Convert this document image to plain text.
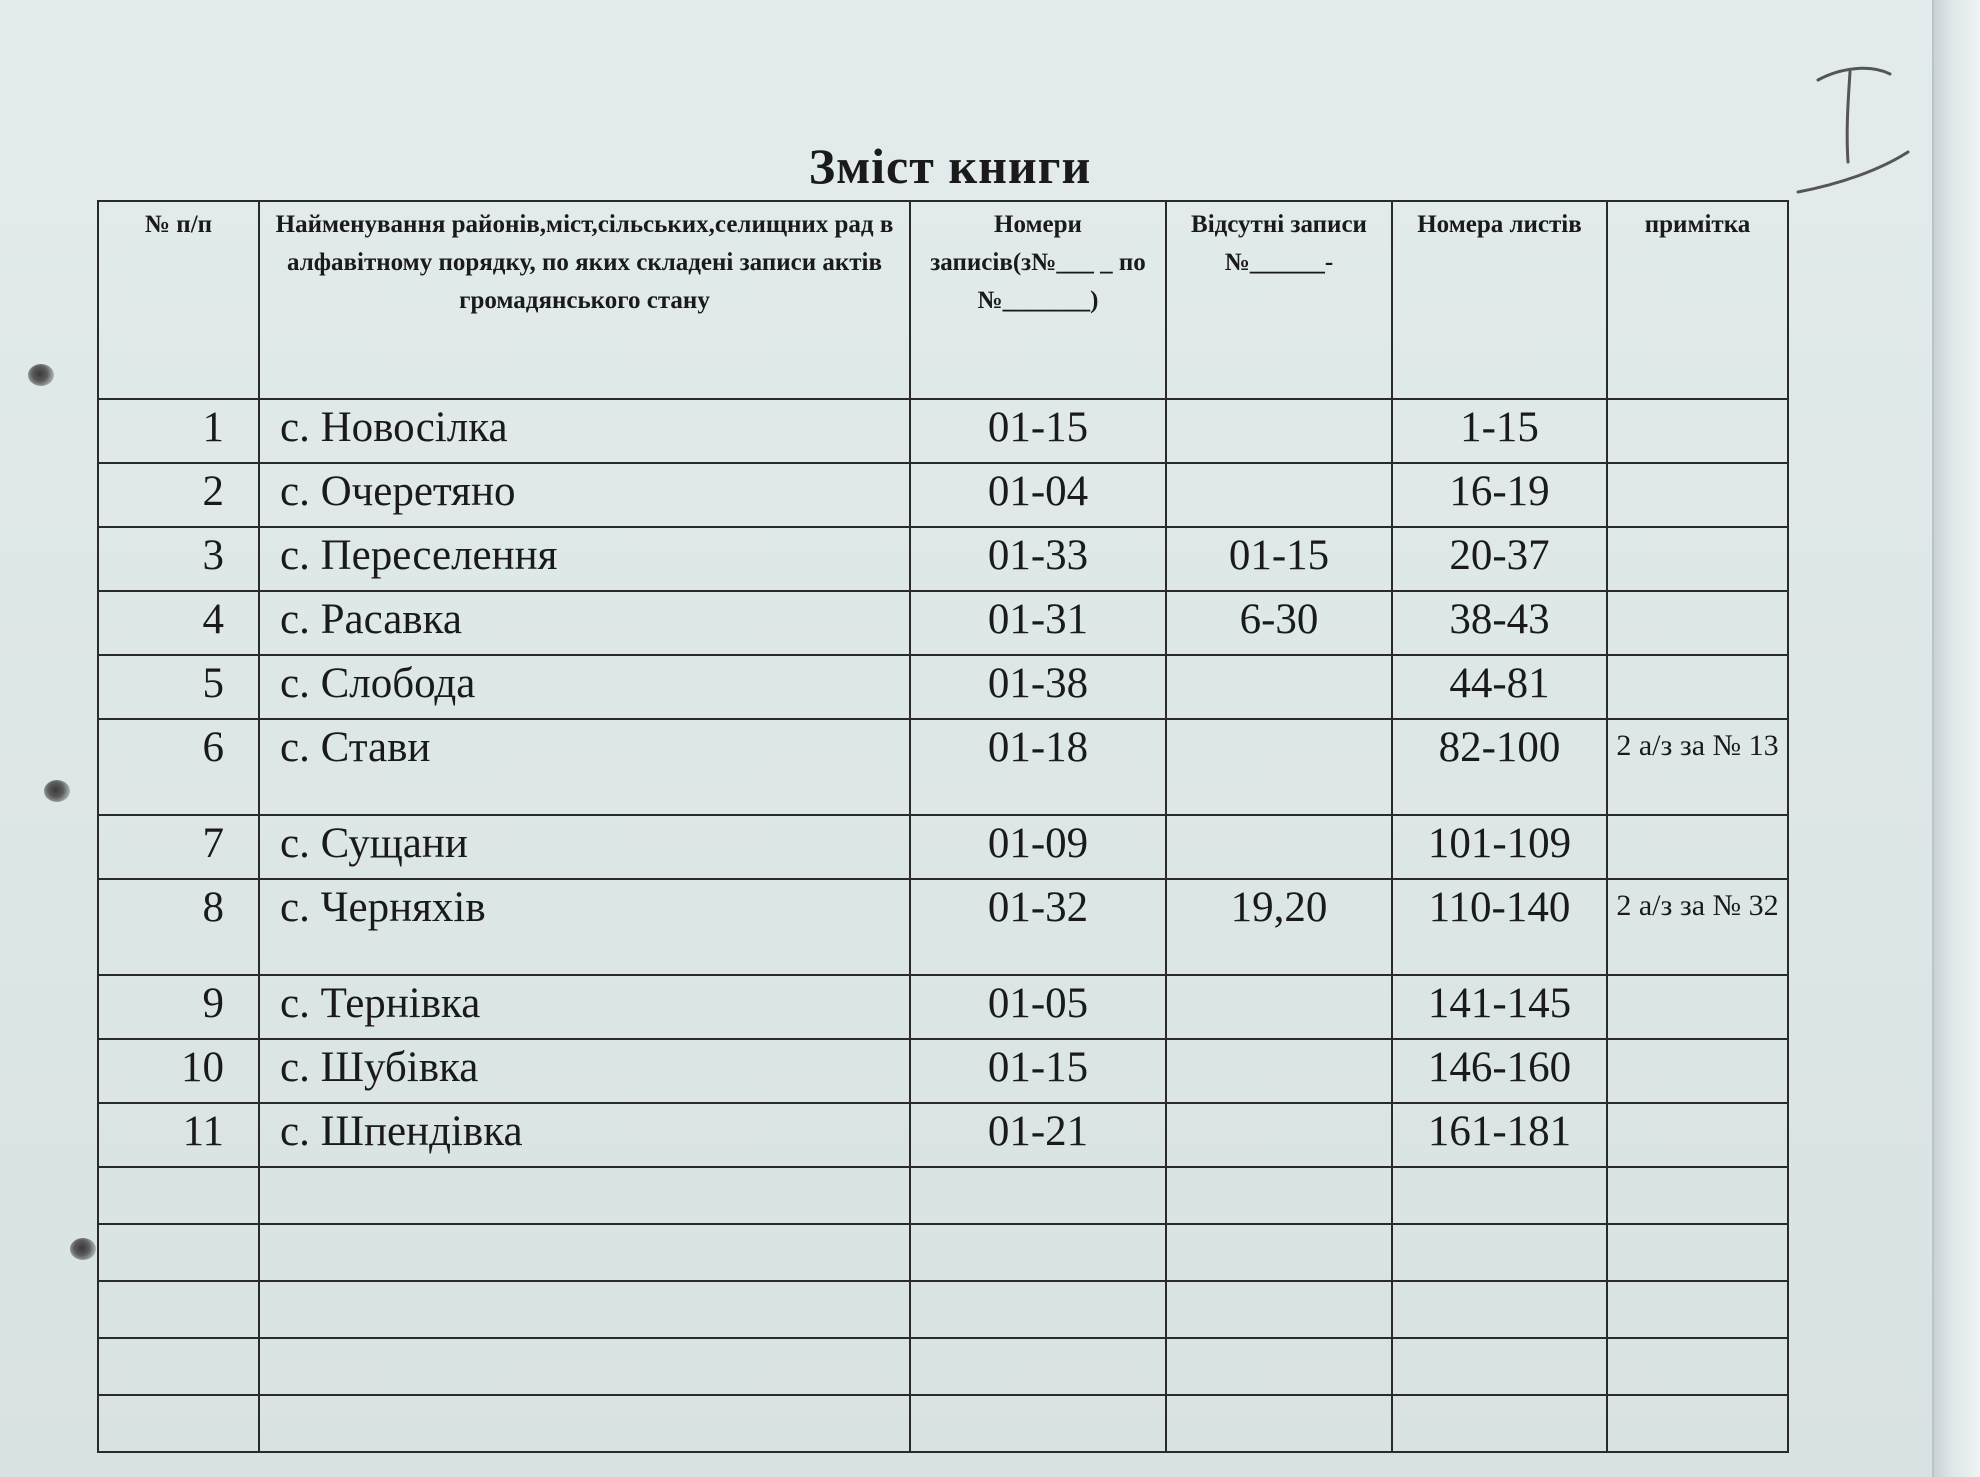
Зміст книги
№ п/п	Найменування районів,міст,сільських,селищних рад в алфавітному порядку, по яких складені записи актів громадянського стану	Номери записів(з№___ _ по №_______)	Відсутні записи №______-	Номера листів	примітка
1	с. Новосілка	01-15		1-15	
2	с. Очеретяно	01-04		16-19	
3	с. Переселення	01-33	01-15	20-37	
4	с. Расавка	01-31	6-30	38-43	
5	с. Слобода	01-38		44-81	
6	с. Стави	01-18		82-100	2 а/з за № 13
7	с. Сущани	01-09		101-109	
8	с. Черняхів	01-32	19,20	110-140	2 а/з за № 32
9	с. Тернівка	01-05		141-145	
10	с. Шубівка	01-15		146-160	
11	с. Шпендівка	01-21		161-181	
